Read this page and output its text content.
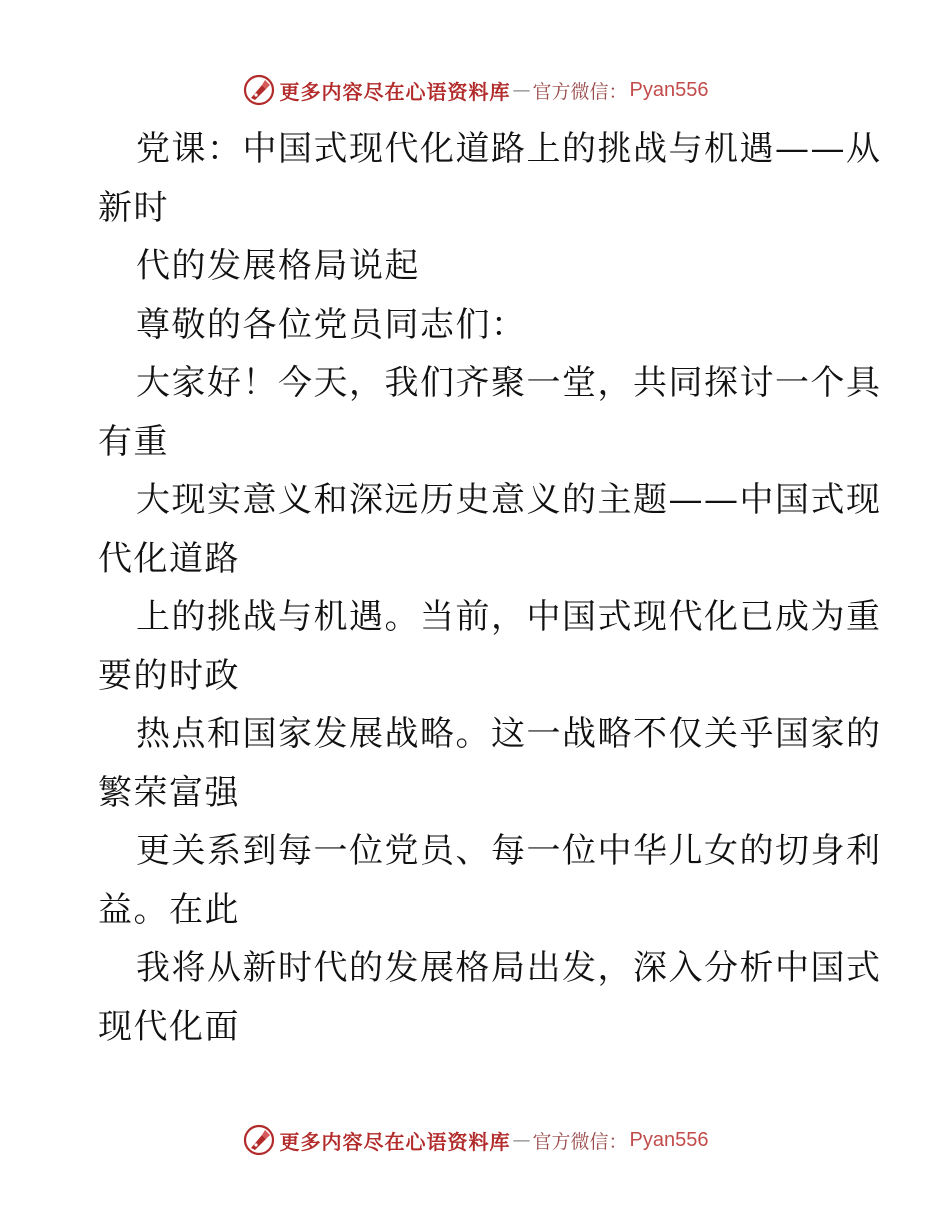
更多内容尽在心语资料库 — 官方微信： Pyan556
党课：中国式现代化道路上的挑战与机遇——从
新时
代的发展格局说起
尊敬的各位党员同志们：
大家好！今天，我们齐聚一堂，共同探讨一个具
有重
大现实意义和深远历史意义的主题——中国式现
代化道路
上的挑战与机遇。当前，中国式现代化已成为重
要的时政
热点和国家发展战略。这一战略不仅关乎国家的
繁荣富强
更关系到每一位党员、每一位中华儿女的切身利
益。在此
我将从新时代的发展格局出发，深入分析中国式
现代化面
更多内容尽在心语资料库 — 官方微信： Pyan556
